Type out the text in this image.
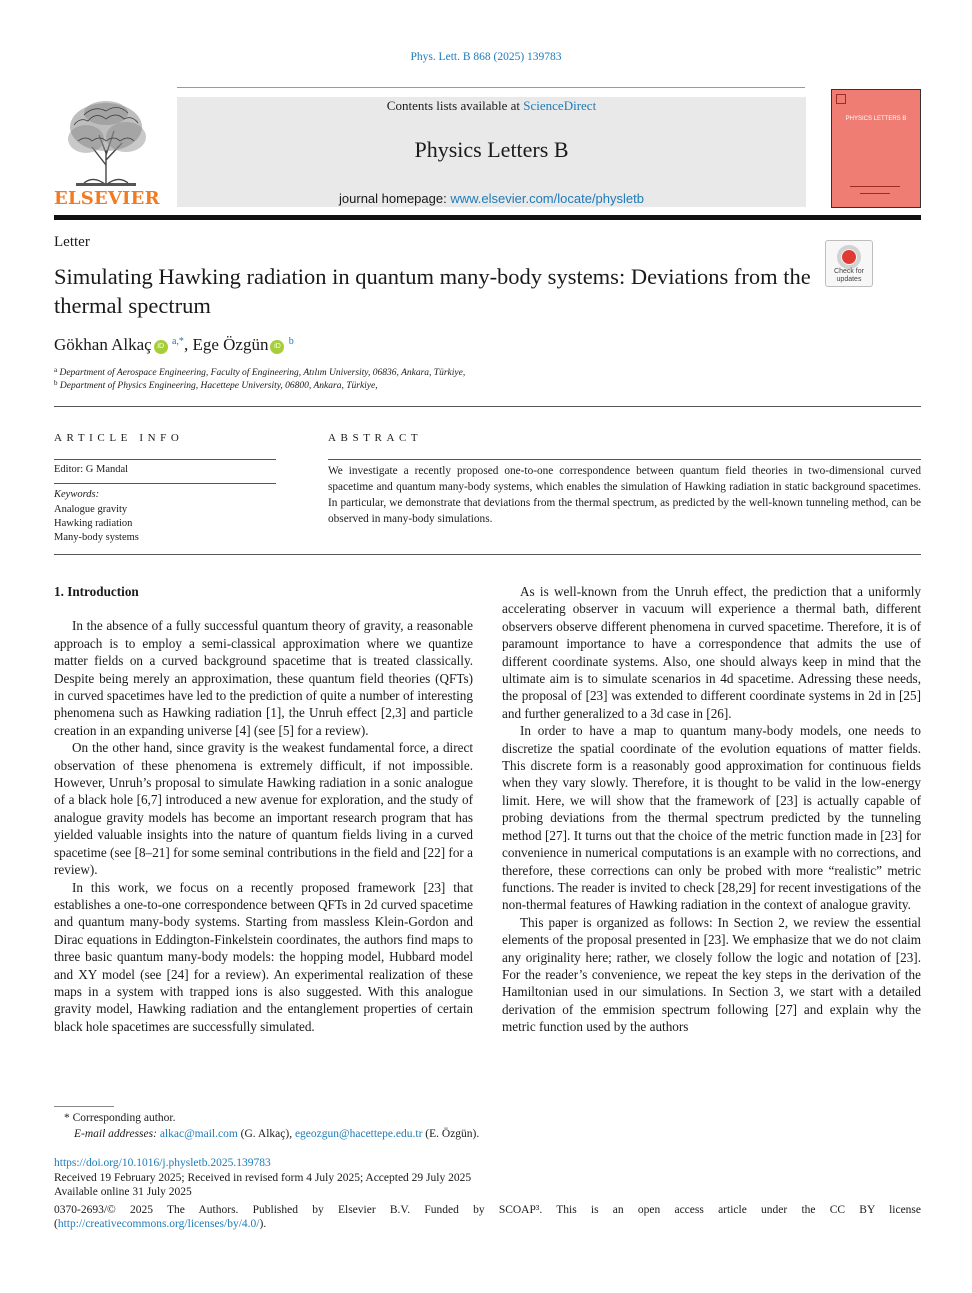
Phys. Lett. B 868 (2025) 139783
ELSEVIER
Contents lists available at ScienceDirect
Physics Letters B
journal homepage: www.elsevier.com/locate/physletb
PHYSICS LETTERS B
Letter
Check for updates
Simulating Hawking radiation in quantum many-body systems: Deviations from the thermal spectrum
Gökhan Alkaç iD $^{a,*}$, Ege Özgün iD $^b$
$^a$ Department of Aerospace Engineering, Faculty of Engineering, Atılım University, 06836, Ankara, Türkiye,
$^b$ Department of Physics Engineering, Hacettepe University, 06800, Ankara, Türkiye,
ARTICLE INFO	ABSTRACT
Editor: G Mandal
Keywords:
Analogue gravity
Hawking radiation
Many-body systems
We investigate a recently proposed one-to-one correspondence between quantum field theories in two-dimensional curved spacetime and quantum many-body systems, which enables the simulation of Hawking radiation in static background spacetimes. In particular, we demonstrate that deviations from the thermal spectrum, as predicted by the well-known tunneling method, can be observed in many-body simulations.
1. Introduction

In the absence of a fully successful quantum theory of gravity, a reasonable approach is to employ a semi-classical approximation where we quantize matter fields on a curved background spacetime that is treated classically. Despite being merely an approximation, these quantum field theories (QFTs) in curved spacetimes have led to the prediction of quite a number of interesting phenomena such as Hawking radiation [1], the Unruh effect [2,3] and particle creation in an expanding universe [4] (see [5] for a review).

On the other hand, since gravity is the weakest fundamental force, a direct observation of these phenomena is extremely difficult, if not impossible. However, Unruh’s proposal to simulate Hawking radiation in a sonic analogue of a black hole [6,7] introduced a new avenue for exploration, and the study of analogue gravity models has become an important research program that has yielded valuable insights into the nature of quantum fields living in a curved spacetime (see [8–21] for some seminal contributions in the field and [22] for a review).

In this work, we focus on a recently proposed framework [23] that establishes a one-to-one correspondence between QFTs in 2d curved spacetime and quantum many-body systems. Starting from massless Klein-Gordon and Dirac equations in Eddington-Finkelstein coordinates, the authors find maps to three basic quantum many-body models: the hopping model, Hubbard model and XY model (see [24] for a review). An experimental realization of these maps in a system with trapped ions is also suggested. With this analogue gravity model, Hawking radiation and the entanglement properties of certain black hole spacetimes are successfully simulated.

As is well-known from the Unruh effect, the prediction that a uniformly accelerating observer in vacuum will experience a thermal bath, different observers observe different phenomena in curved spacetime. Therefore, it is of paramount importance to have a correspondence that admits the use of different coordinate systems. Also, one should always keep in mind that the ultimate aim is to simulate scenarios in 4d spacetime. Adressing these needs, the proposal of [23] was extended to different coordinate systems in 2d in [25] and further generalized to a 3d case in [26].

In order to have a map to quantum many-body models, one needs to discretize the spatial coordinate of the evolution equations of matter fields. This discrete form is a reasonably good approximation for continuous fields when they vary slowly. Therefore, it is thought to be valid in the low-energy limit. Here, we will show that the framework of [23] is actually capable of probing deviations from the thermal spectrum predicted by the tunneling method [27]. It turns out that the choice of the metric function made in [23] for convenience in numerical computations is an example with no corrections, and therefore, these corrections can only be probed with more “realistic” metric functions. The reader is invited to check [28,29] for recent investigations of the non-thermal features of Hawking radiation in the context of analogue gravity.

This paper is organized as follows: In Section 2, we review the essential elements of the proposal presented in [23]. We emphasize that we do not claim any originality here; rather, we closely follow the logic and notation of [23]. For the reader’s convenience, we repeat the key steps in the derivation of the Hamiltonian used in our simulations. In Section 3, we start with a detailed derivation of the emmision spectrum following [27] and explain why the metric function used by the authors

* Corresponding author.
E-mail addresses: alkac@mail.com (G. Alkaç), egeozgun@hacettepe.edu.tr (E. Özgün).
https://doi.org/10.1016/j.physletb.2025.139783
Received 19 February 2025; Received in revised form 4 July 2025; Accepted 29 July 2025
Available online 31 July 2025
0370-2693/© 2025 The Authors. Published by Elsevier B.V. Funded by SCOAP³. This is an open access article under the CC BY license
(http://creativecommons.org/licenses/by/4.0/).
